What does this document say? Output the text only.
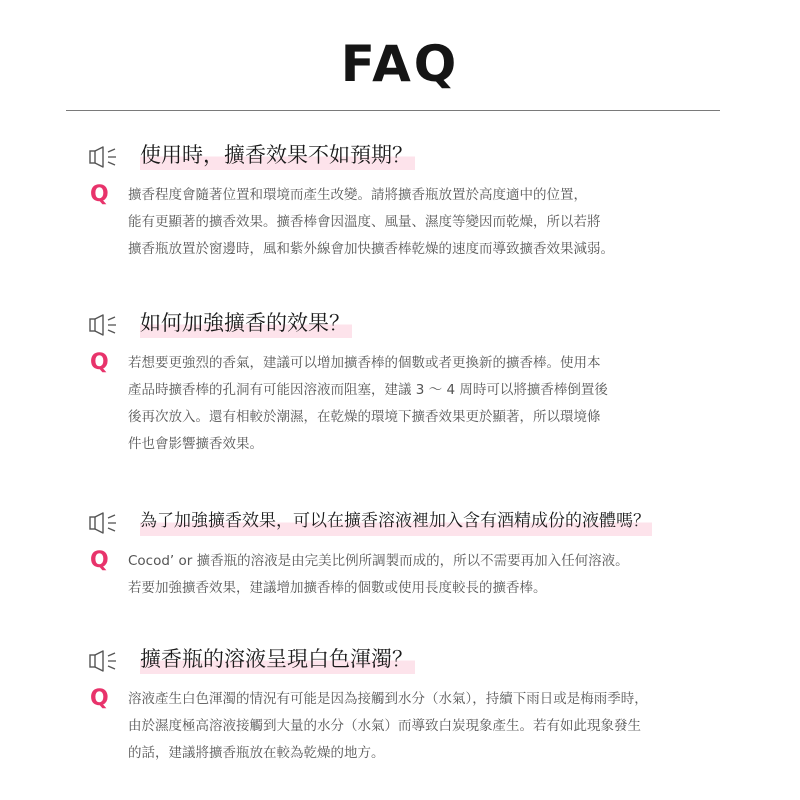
FAQ
使用時，擴香效果不如預期？
Q 擴香程度會隨著位置和環境而產生改變。請將擴香瓶放置於高度適中的位置，
能有更顯著的擴香效果。擴香棒會因溫度、風量、濕度等變因而乾燥，所以若將
擴香瓶放置於窗邊時，風和紫外線會加快擴香棒乾燥的速度而導致擴香效果減弱。
如何加強擴香的效果？
Q 若想要更強烈的香氣，建議可以增加擴香棒的個數或者更換新的擴香棒。使用本
產品時擴香棒的孔洞有可能因溶液而阻塞，建議 3 ～ 4 周時可以將擴香棒倒置後
後再次放入。還有相較於潮濕，在乾燥的環境下擴香效果更於顯著，所以環境條
件也會影響擴香效果。
為了加強擴香效果，可以在擴香溶液裡加入含有酒精成份的液體嗎？
Q Cocod’ or 擴香瓶的溶液是由完美比例所調製而成的，所以不需要再加入任何溶液。
若要加強擴香效果，建議增加擴香棒的個數或使用長度較長的擴香棒。
擴香瓶的溶液呈現白色渾濁？
Q 溶液產生白色渾濁的情況有可能是因為接觸到水分（水氣），持續下雨日或是梅雨季時，
由於濕度極高溶液接觸到大量的水分（水氣）而導致白炭現象產生。若有如此現象發生
的話，建議將擴香瓶放在較為乾燥的地方。
